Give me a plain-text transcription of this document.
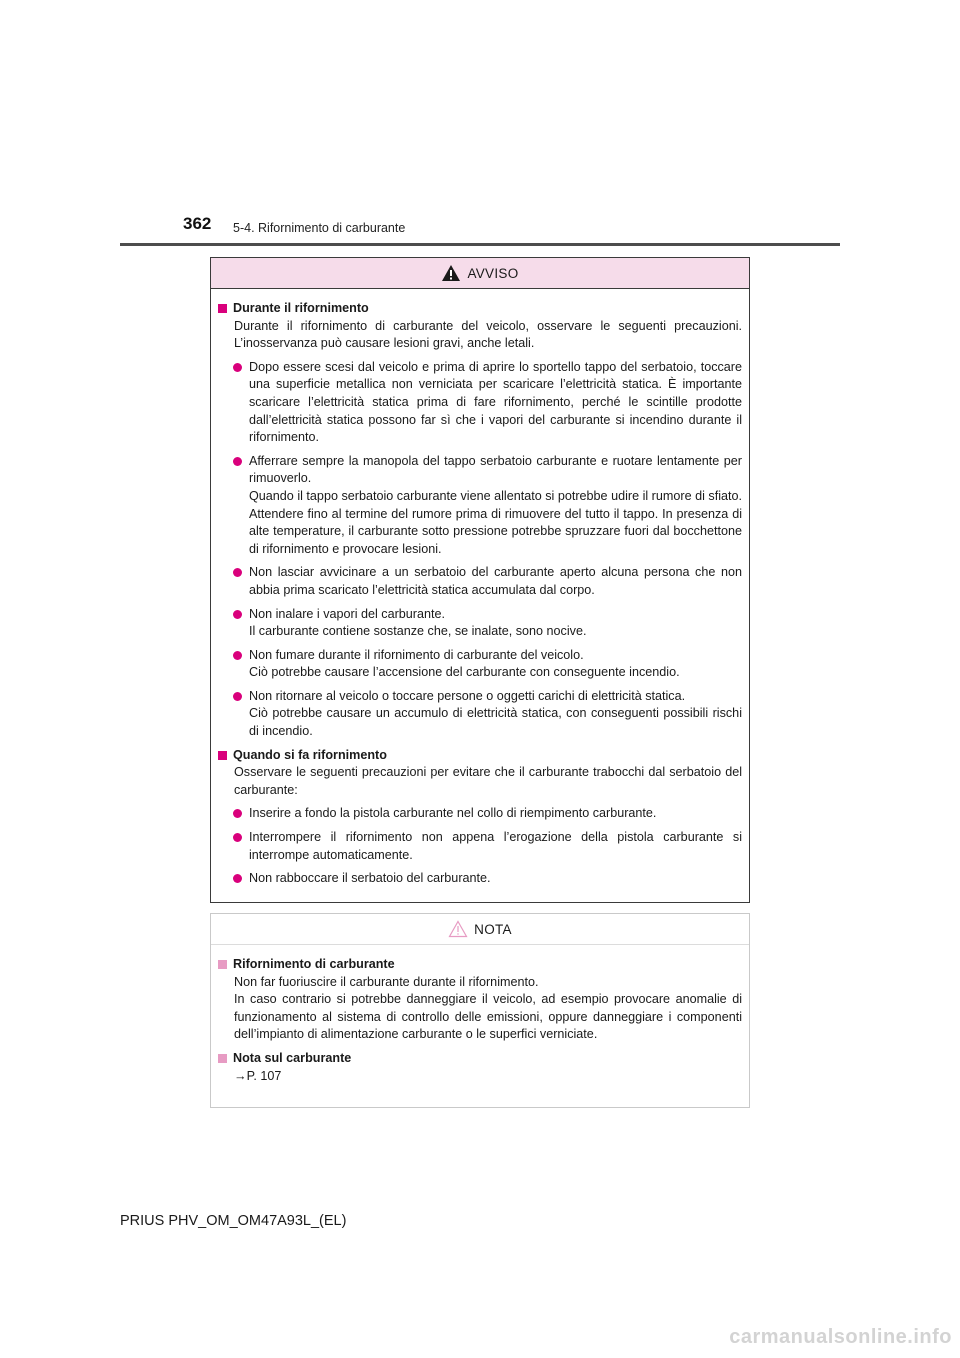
362 5-4. Rifornimento di carburante
AVVISO
Durante il rifornimento
Durante il rifornimento di carburante del veicolo, osservare le seguenti precauzioni. L’inosservanza può causare lesioni gravi, anche letali.
Dopo essere scesi dal veicolo e prima di aprire lo sportello tappo del serbatoio, toccare una superficie metallica non verniciata per scaricare l’elettricità statica. È importante scaricare l’elettricità statica prima di fare rifornimento, perché le scintille prodotte dall’elettricità statica possono far sì che i vapori del carburante si incendino durante il rifornimento.
Afferrare sempre la manopola del tappo serbatoio carburante e ruotare lentamente per rimuoverlo.
Quando il tappo serbatoio carburante viene allentato si potrebbe udire il rumore di sfiato. Attendere fino al termine del rumore prima di rimuovere del tutto il tappo. In presenza di alte temperature, il carburante sotto pressione potrebbe spruzzare fuori dal bocchettone di rifornimento e provocare lesioni.
Non lasciar avvicinare a un serbatoio del carburante aperto alcuna persona che non abbia prima scaricato l’elettricità statica accumulata dal corpo.
Non inalare i vapori del carburante.
Il carburante contiene sostanze che, se inalate, sono nocive.
Non fumare durante il rifornimento di carburante del veicolo.
Ciò potrebbe causare l’accensione del carburante con conseguente incendio.
Non ritornare al veicolo o toccare persone o oggetti carichi di elettricità statica.
Ciò potrebbe causare un accumulo di elettricità statica, con conseguenti possibili rischi di incendio.
Quando si fa rifornimento
Osservare le seguenti precauzioni per evitare che il carburante trabocchi dal serbatoio del carburante:
Inserire a fondo la pistola carburante nel collo di riempimento carburante.
Interrompere il rifornimento non appena l’erogazione della pistola carburante si interrompe automaticamente.
Non rabboccare il serbatoio del carburante.
NOTA
Rifornimento di carburante
Non far fuoriuscire il carburante durante il rifornimento.
In caso contrario si potrebbe danneggiare il veicolo, ad esempio provocare anomalie di funzionamento al sistema di controllo delle emissioni, oppure danneggiare i componenti dell’impianto di alimentazione carburante o le superfici verniciate.
Nota sul carburante
→P. 107
PRIUS PHV_OM_OM47A93L_(EL)
carmanualsonline.info
